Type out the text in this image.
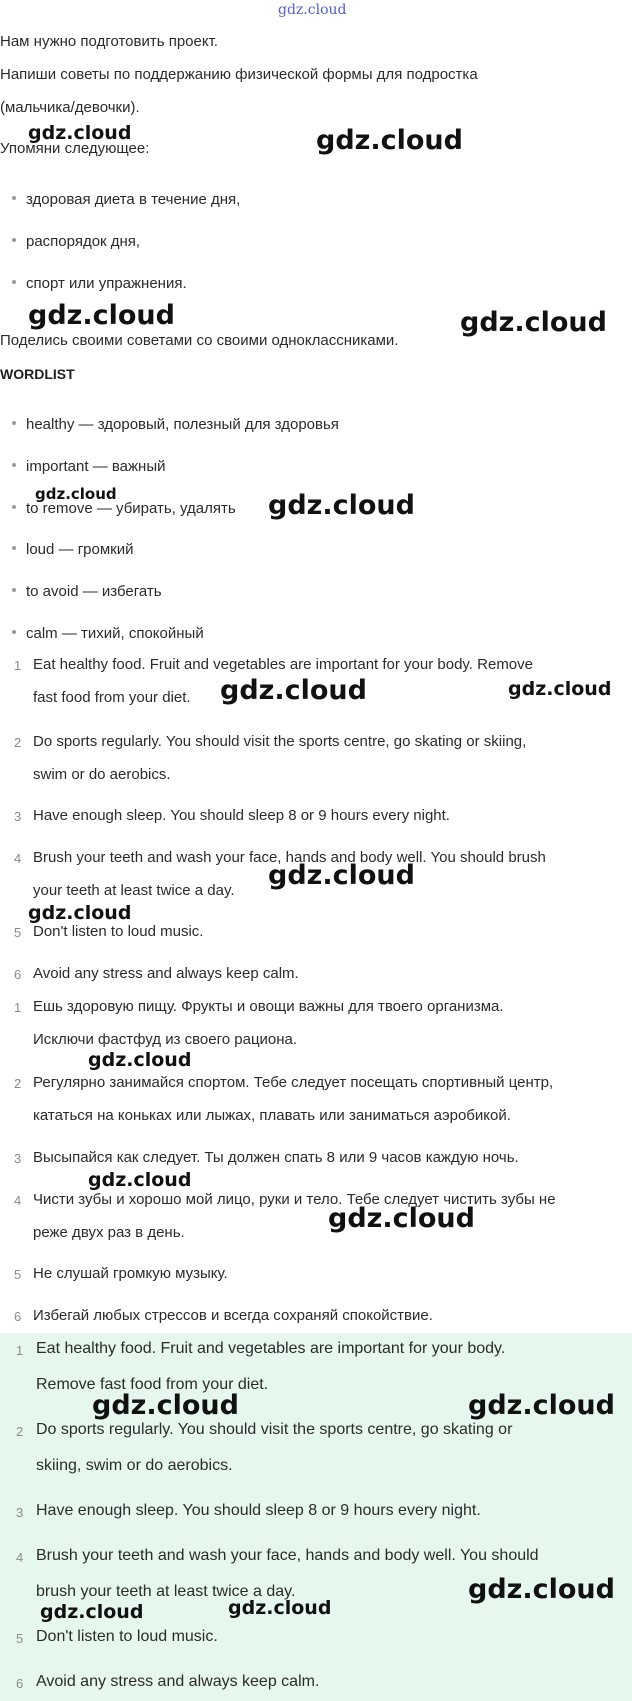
gdz.cloud
Нам нужно подготовить проект.
Напиши советы по поддержанию физической формы для подростка
(мальчика/девочки).
Упомяни следующее:
здоровая диета в течение дня,
распорядок дня,
спорт или упражнения.
Поделись своими советами со своими одноклассниками.
WORDLIST
healthy — здоровый, полезный для здоровья
important — важный
to remove — убирать, удалять
loud — громкий
to avoid — избегать
calm — тихий, спокойный
1 Eat healthy food. Fruit and vegetables are important for your body. Remove
fast food from your diet.
2 Do sports regularly. You should visit the sports centre, go skating or skiing,
swim or do aerobics.
3 Have enough sleep. You should sleep 8 or 9 hours every night.
4 Brush your teeth and wash your face, hands and body well. You should brush
your teeth at least twice a day.
5 Don't listen to loud music.
6 Avoid any stress and always keep calm.
1 Ешь здоровую пищу. Фрукты и овощи важны для твоего организма.
Исключи фастфуд из своего рациона.
2 Регулярно занимайся спортом. Тебе следует посещать спортивный центр,
кататься на коньках или лыжах, плавать или заниматься аэробикой.
3 Высыпайся как следует. Ты должен спать 8 или 9 часов каждую ночь.
4 Чисти зубы и хорошо мой лицо, руки и тело. Тебе следует чистить зубы не
реже двух раз в день.
5 Не слушай громкую музыку.
6 Избегай любых стрессов и всегда сохраняй спокойствие.
1 Eat healthy food. Fruit and vegetables are important for your body.
Remove fast food from your diet.
2 Do sports regularly. You should visit the sports centre, go skating or
skiing, swim or do aerobics.
3 Have enough sleep. You should sleep 8 or 9 hours every night.
4 Brush your teeth and wash your face, hands and body well. You should
brush your teeth at least twice a day.
5 Don't listen to loud music.
6 Avoid any stress and always keep calm.
gdz.cloud	gdz.cloud
gdz.cloud	gdz.cloud
gdz.cloud	gdz.cloud
gdz.cloud	gdz.cloud
gdz.cloud
gdz.cloud
gdz.cloud
gdz.cloud
gdz.cloud
gdz.cloud	gdz.cloud
gdz.cloud
gdz.cloud	gdz.cloud
